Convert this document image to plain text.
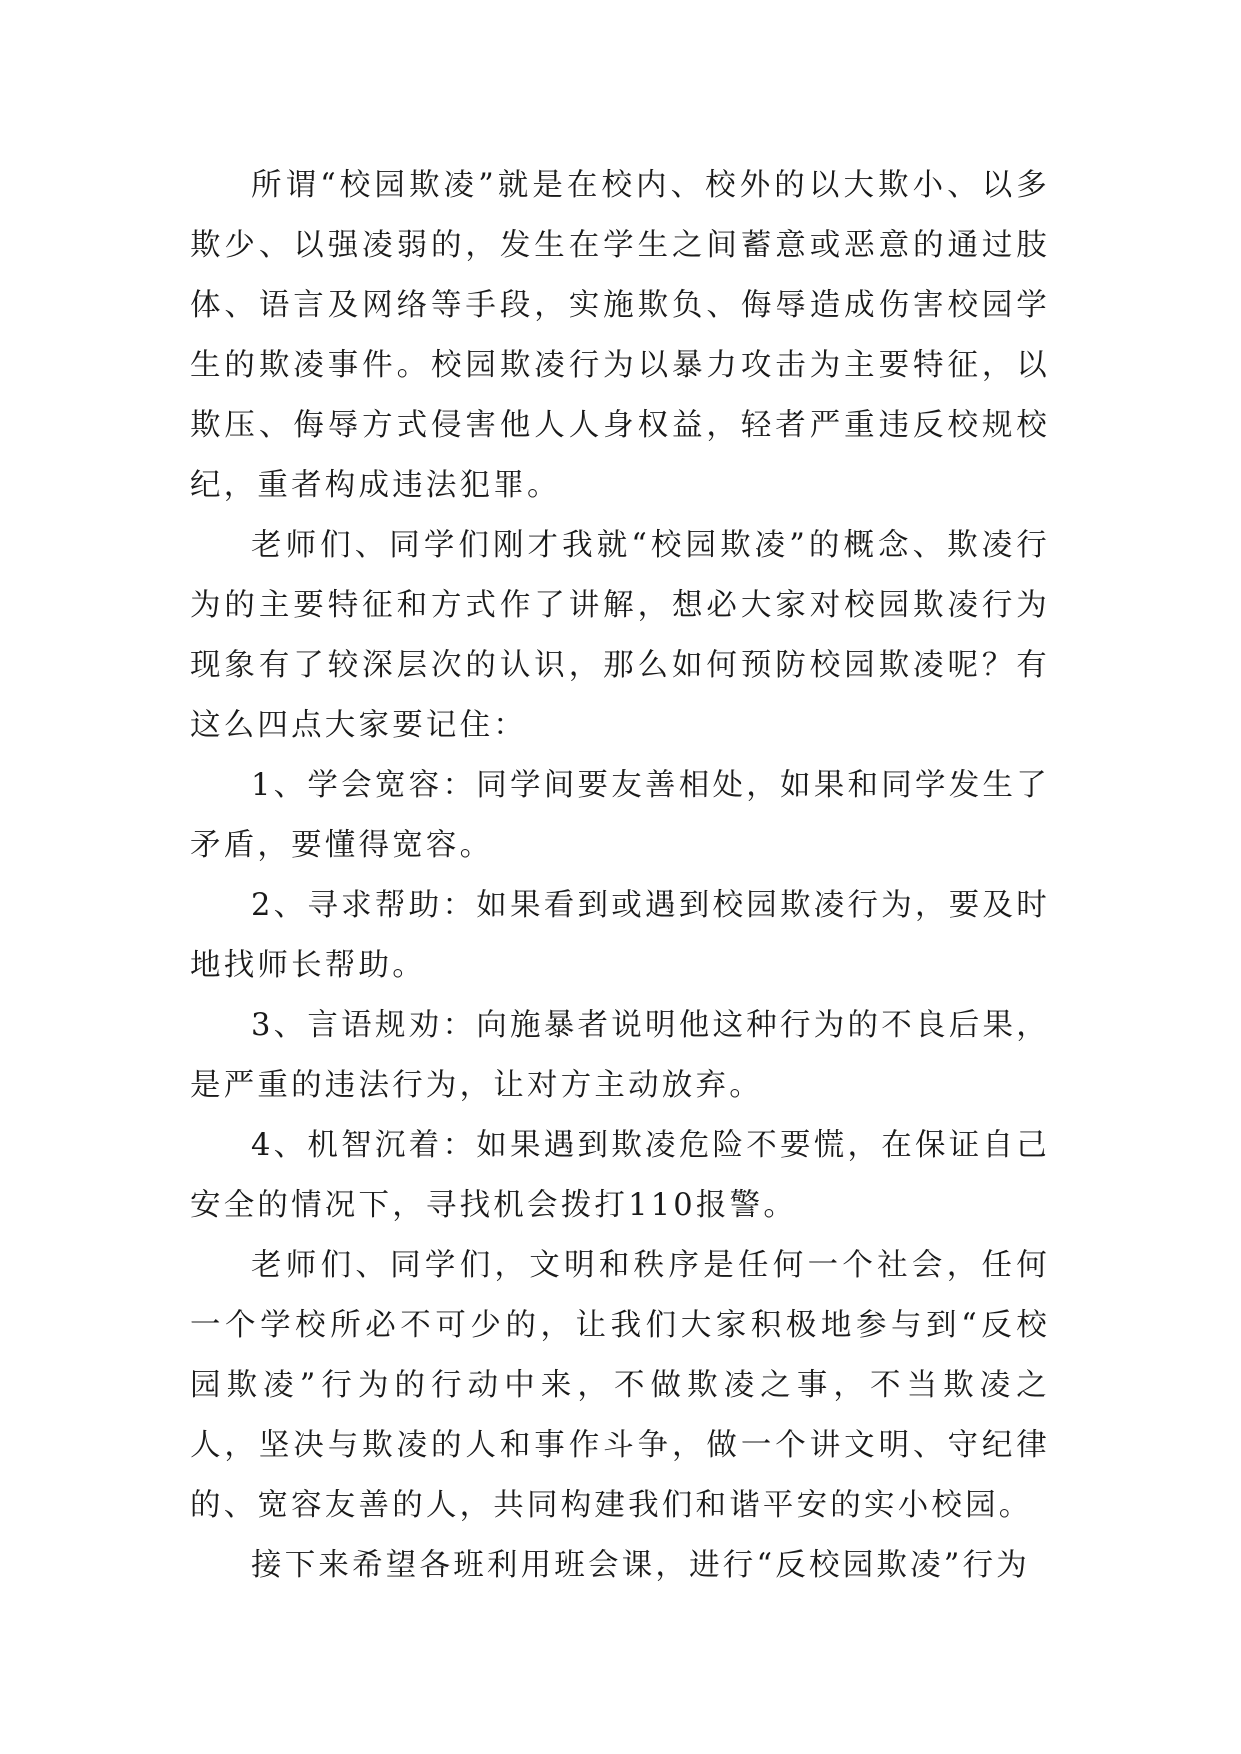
所谓“校园欺凌”就是在校内、校外的以大欺小、以多欺少、以强凌弱的，发生在学生之间蓄意或恶意的通过肢体、语言及网络等手段，实施欺负、侮辱造成伤害校园学生的欺凌事件。校园欺凌行为以暴力攻击为主要特征，以欺压、侮辱方式侵害他人人身权益，轻者严重违反校规校纪，重者构成违法犯罪。

老师们、同学们刚才我就“校园欺凌”的概念、欺凌行为的主要特征和方式作了讲解，想必大家对校园欺凌行为现象有了较深层次的认识，那么如何预防校园欺凌呢？有这么四点大家要记住：

1、学会宽容：同学间要友善相处，如果和同学发生了矛盾，要懂得宽容。

2、寻求帮助：如果看到或遇到校园欺凌行为，要及时地找师长帮助。

3、言语规劝：向施暴者说明他这种行为的不良后果，是严重的违法行为，让对方主动放弃。

4、机智沉着：如果遇到欺凌危险不要慌，在保证自己安全的情况下，寻找机会拨打110报警。

老师们、同学们，文明和秩序是任何一个社会，任何一个学校所必不可少的，让我们大家积极地参与到“反校园欺凌”行为的行动中来，不做欺凌之事，不当欺凌之人，坚决与欺凌的人和事作斗争，做一个讲文明、守纪律的、宽容友善的人，共同构建我们和谐平安的实小校园。

接下来希望各班利用班会课，进行“反校园欺凌”行为
